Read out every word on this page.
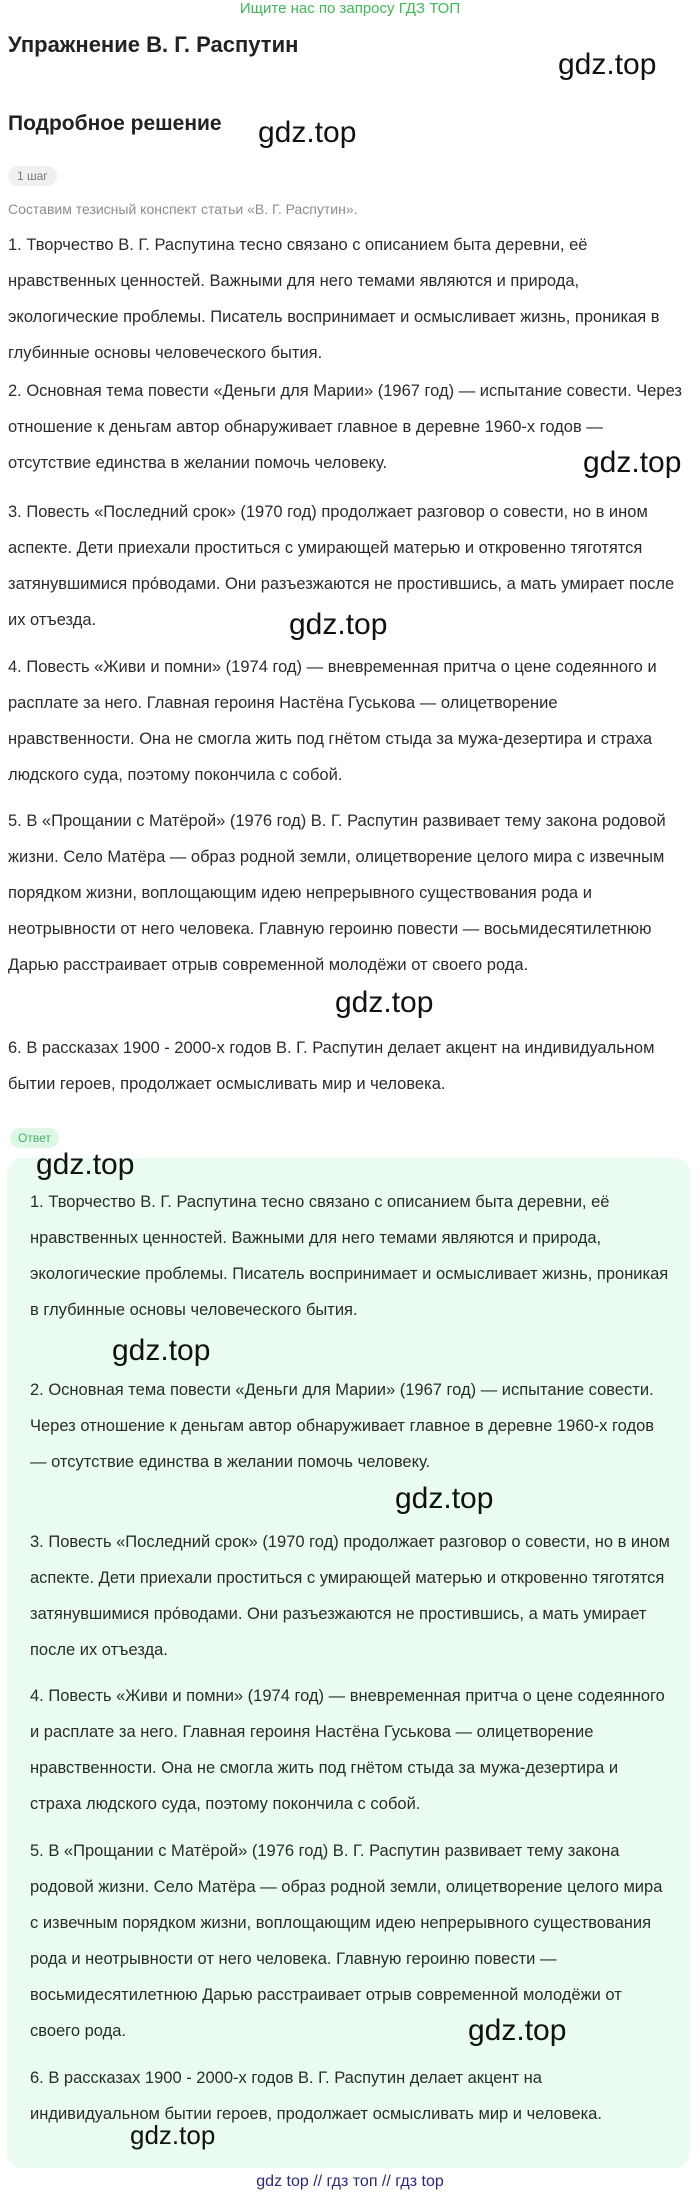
Ищите нас по запросу ГДЗ ТОП
Упражнение В. Г. Распутин
gdz.top
Подробное решение gdz.top
1 шаг
Составим тезисный конспект статьи «В. Г. Распутин».
1. Творчество В. Г. Распутина тесно связано с описанием быта деревни, её нравственных ценностей. Важными для него темами являются и природа, экологические проблемы. Писатель воспринимает и осмысливает жизнь, проникая в глубинные основы человеческого бытия.
2. Основная тема повести «Деньги для Марии» (1967 год) — испытание совести. Через отношение к деньгам автор обнаруживает главное в деревне 1960-х годов — отсутствие единства в желании помочь человеку.	gdz.top
3. Повесть «Последний срок» (1970 год) продолжает разговор о совести, но в ином аспекте. Дети приехали проститься с умирающей матерью и откровенно тяготятся затянувшимися про́водами. Они разъезжаются не простившись, а мать умирает после их отъезда.	gdz.top
4. Повесть «Живи и помни» (1974 год) — вневременная притча о цене содеянного и расплате за него. Главная героиня Настёна Гуськова — олицетворение нравственности. Она не смогла жить под гнётом стыда за мужа-дезертира и страха людского суда, поэтому покончила с собой.
5. В «Прощании с Матёрой» (1976 год) В. Г. Распутин развивает тему закона родовой жизни. Село Матёра — образ родной земли, олицетворение целого мира с извечным порядком жизни, воплощающим идею непрерывного существования рода и неотрывности от него человека. Главную героиню повести — восьмидесятилетнюю Дарью расстраивает отрыв современной молодёжи от своего рода.
gdz.top
6. В рассказах 1900 - 2000-х годов В. Г. Распутин делает акцент на индивидуальном бытии героев, продолжает осмысливать мир и человека.
Ответ
gdz.top
1. Творчество В. Г. Распутина тесно связано с описанием быта деревни, её нравственных ценностей. Важными для него темами являются и природа, экологические проблемы. Писатель воспринимает и осмысливает жизнь, проникая в глубинные основы человеческого бытия.
gdz.top
2. Основная тема повести «Деньги для Марии» (1967 год) — испытание совести. Через отношение к деньгам автор обнаруживает главное в деревне 1960-х годов — отсутствие единства в желании помочь человеку.
gdz.top
3. Повесть «Последний срок» (1970 год) продолжает разговор о совести, но в ином аспекте. Дети приехали проститься с умирающей матерью и откровенно тяготятся затянувшимися про́водами. Они разъезжаются не простившись, а мать умирает после их отъезда.
4. Повесть «Живи и помни» (1974 год) — вневременная притча о цене содеянного и расплате за него. Главная героиня Настёна Гуськова — олицетворение нравственности. Она не смогла жить под гнётом стыда за мужа-дезертира и страха людского суда, поэтому покончила с собой.
5. В «Прощании с Матёрой» (1976 год) В. Г. Распутин развивает тему закона родовой жизни. Село Матёра — образ родной земли, олицетворение целого мира с извечным порядком жизни, воплощающим идею непрерывного существования рода и неотрывности от него человека. Главную героиню повести — восьмидесятилетнюю Дарью расстраивает отрыв современной молодёжи от своего рода.	gdz.top
6. В рассказах 1900 - 2000-х годов В. Г. Распутин делает акцент на индивидуальном бытии героев, продолжает осмысливать мир и человека.
gdz.top
gdz top // гдз топ // гдз top
